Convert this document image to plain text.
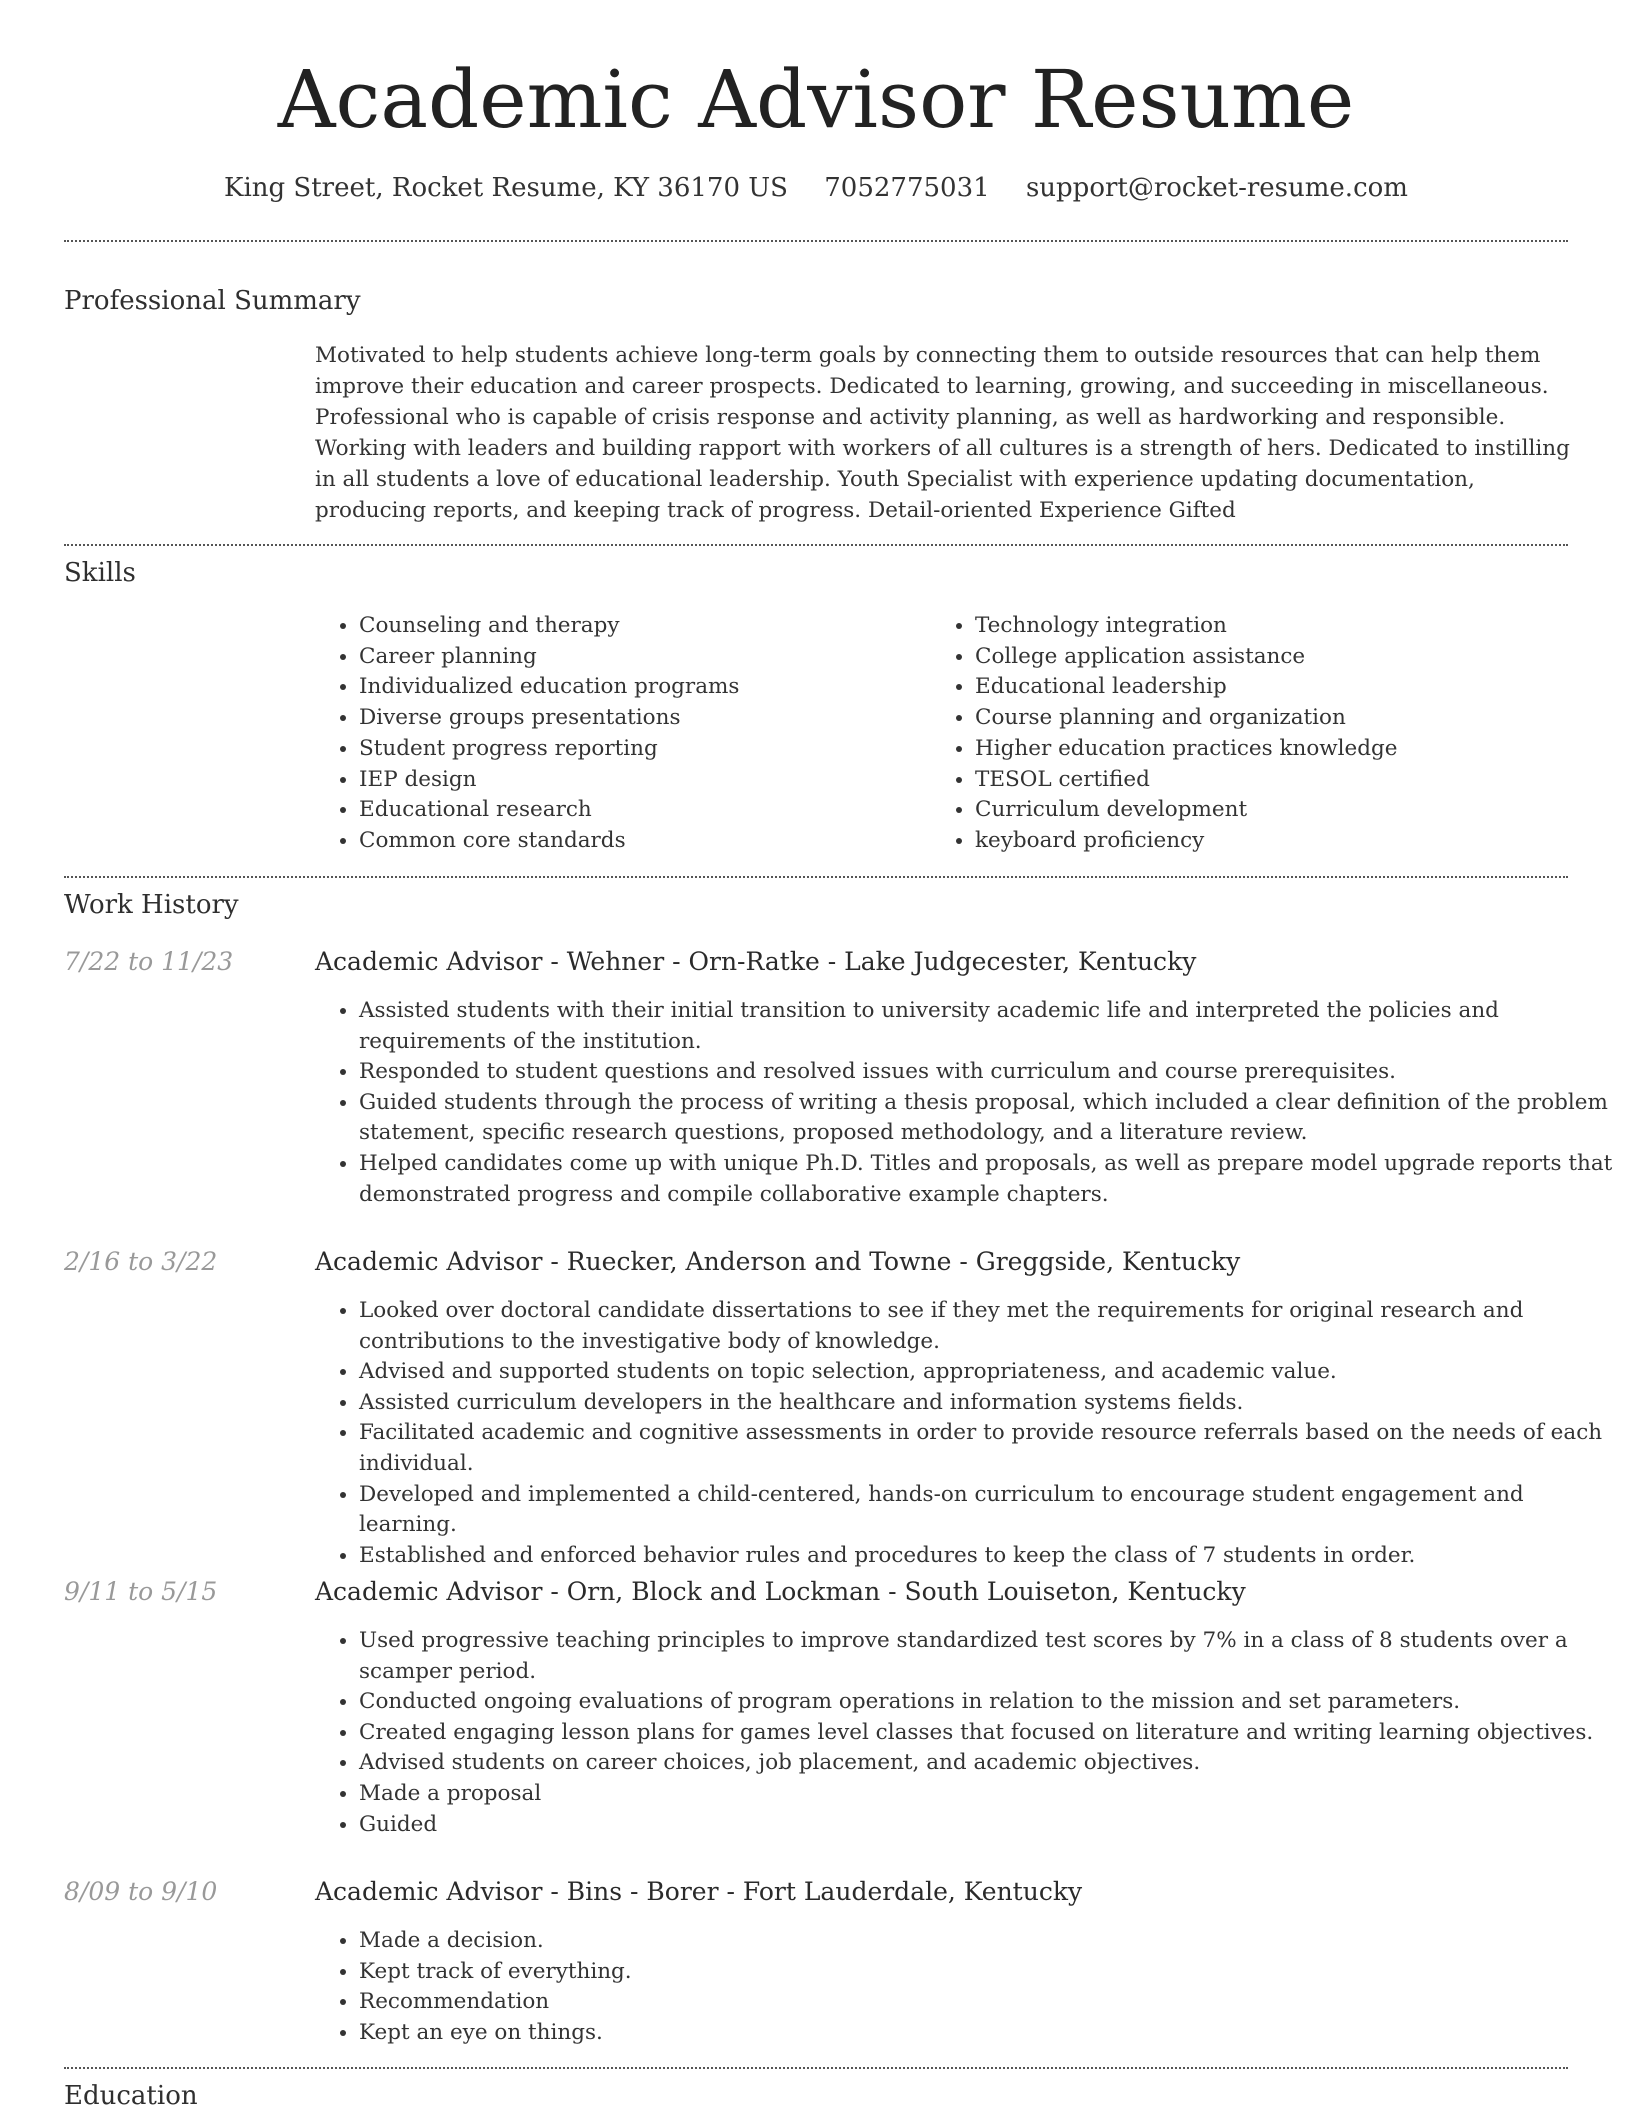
Academic Advisor Resume
King Street, Rocket Resume, KY 36170 US 7052775031 support@rocket-resume.com
Professional Summary

Motivated to help students achieve long-term goals by connecting them to outside resources that can help them improve their education and career prospects. Dedicated to learning, growing, and succeeding in miscellaneous. Professional who is capable of crisis response and activity planning, as well as hardworking and responsible. Working with leaders and building rapport with workers of all cultures is a strength of hers. Dedicated to instilling in all students a love of educational leadership. Youth Specialist with experience updating documentation, producing reports, and keeping track of progress. Detail-oriented Experience Gifted

Skills
• Counseling and therapy
• Career planning
• Individualized education programs
• Diverse groups presentations
• Student progress reporting
• IEP design
• Educational research
• Common core standards
• Technology integration
• College application assistance
• Educational leadership
• Course planning and organization
• Higher education practices knowledge
• TESOL certified
• Curriculum development
• keyboard proficiency
Work History
7/22 to 11/23	Academic Advisor - Wehner - Orn-Ratke - Lake Judgecester, Kentucky
• Assisted students with their initial transition to university academic life and interpreted the policies and requirements of the institution.
• Responded to student questions and resolved issues with curriculum and course prerequisites.
• Guided students through the process of writing a thesis proposal, which included a clear definition of the problem statement, specific research questions, proposed methodology, and a literature review.
• Helped candidates come up with unique Ph.D. Titles and proposals, as well as prepare model upgrade reports that demonstrated progress and compile collaborative example chapters.
2/16 to 3/22	Academic Advisor - Ruecker, Anderson and Towne - Greggside, Kentucky
• Looked over doctoral candidate dissertations to see if they met the requirements for original research and contributions to the investigative body of knowledge.
• Advised and supported students on topic selection, appropriateness, and academic value.
• Assisted curriculum developers in the healthcare and information systems fields.
• Facilitated academic and cognitive assessments in order to provide resource referrals based on the needs of each individual.
• Developed and implemented a child-centered, hands-on curriculum to encourage student engagement and learning.
• Established and enforced behavior rules and procedures to keep the class of 7 students in order.
9/11 to 5/15	Academic Advisor - Orn, Block and Lockman - South Louiseton, Kentucky
• Used progressive teaching principles to improve standardized test scores by 7% in a class of 8 students over a scamper period.
• Conducted ongoing evaluations of program operations in relation to the mission and set parameters.
• Created engaging lesson plans for games level classes that focused on literature and writing learning objectives.
• Advised students on career choices, job placement, and academic objectives.
• Made a proposal
• Guided
8/09 to 9/10	Academic Advisor - Bins - Borer - Fort Lauderdale, Kentucky
• Made a decision.
• Kept track of everything.
• Recommendation
• Kept an eye on things.
Education
